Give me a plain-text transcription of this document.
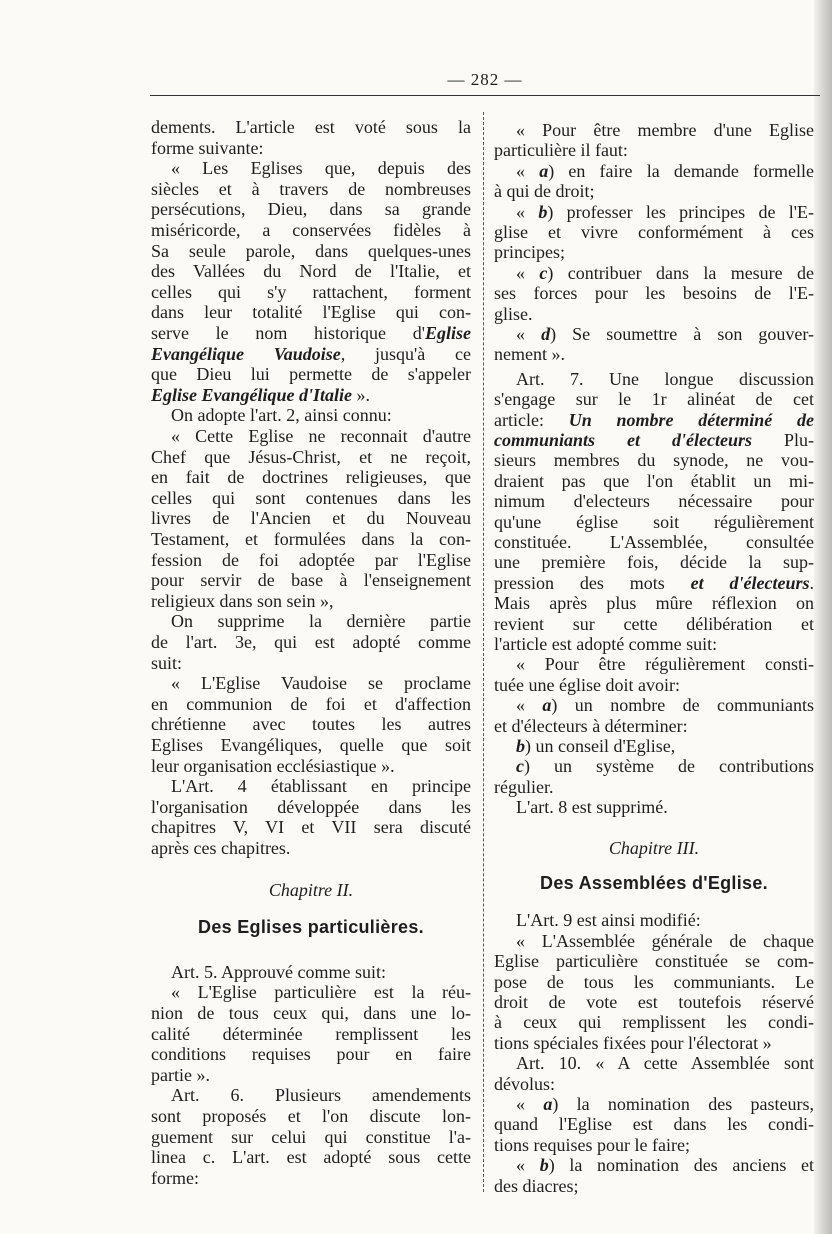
— 282 —
dements. L'article est voté sous la
forme suivante:
« Les Eglises que, depuis des
siècles et à travers de nombreuses
persécutions, Dieu, dans sa grande
miséricorde, a conservées fidèles à
Sa seule parole, dans quelques-unes
des Vallées du Nord de l'Italie, et
celles qui s'y rattachent, forment
dans leur totalité l'Eglise qui con-
serve le nom historique d'Eglise
Evangélique Vaudoise, jusqu'à ce
que Dieu lui permette de s'appeler
Eglise Evangélique d'Italie ».
On adopte l'art. 2, ainsi connu:
« Cette Eglise ne reconnait d'autre
Chef que Jésus-Christ, et ne reçoit,
en fait de doctrines religieuses, que
celles qui sont contenues dans les
livres de l'Ancien et du Nouveau
Testament, et formulées dans la con-
fession de foi adoptée par l'Eglise
pour servir de base à l'enseignement
religieux dans son sein »,
On supprime la dernière partie
de l'art. 3e, qui est adopté comme
suit:
« L'Eglise Vaudoise se proclame
en communion de foi et d'affection
chrétienne avec toutes les autres
Eglises Evangéliques, quelle que soit
leur organisation ecclésiastique ».
L'Art. 4 établissant en principe
l'organisation développée dans les
chapitres V, VI et VII sera discuté
après ces chapitres.
Chapitre II.
Des Eglises particulières.
Art. 5. Approuvé comme suit:
« L'Eglise particulière est la réu-
nion de tous ceux qui, dans une lo-
calité déterminée remplissent les
conditions requises pour en faire
partie ».
Art. 6. Plusieurs amendements
sont proposés et l'on discute lon-
guement sur celui qui constitue l'a-
linea c. L'art. est adopté sous cette
forme:
« Pour être membre d'une Eglise
particulière il faut:
« a) en faire la demande formelle
à qui de droit;
« b) professer les principes de l'E-
glise et vivre conformément à ces
principes;
« c) contribuer dans la mesure de
ses forces pour les besoins de l'E-
glise.
« d) Se soumettre à son gouver-
nement ».
Art. 7. Une longue discussion
s'engage sur le 1r alinéat de cet
article: Un nombre déterminé de
communiants et d'électeurs Plu-
sieurs membres du synode, ne vou-
draient pas que l'on établit un mi-
nimum d'electeurs nécessaire pour
qu'une église soit régulièrement
constituée. L'Assemblée, consultée
une première fois, décide la sup-
pression des mots et d'électeurs.
Mais après plus mûre réflexion on
revient sur cette délibération et
l'article est adopté comme suit:
« Pour être régulièrement consti-
tuée une église doit avoir:
« a) un nombre de communiants
et d'électeurs à déterminer:
b) un conseil d'Eglise,
c) un système de contributions
régulier.
L'art. 8 est supprimé.
Chapitre III.
Des Assemblées d'Eglise.
L'Art. 9 est ainsi modifié:
« L'Assemblée générale de chaque
Eglise particulière constituée se com-
pose de tous les communiants. Le
droit de vote est toutefois réservé
à ceux qui remplissent les condi-
tions spéciales fixées pour l'électorat »
Art. 10. « A cette Assemblée sont
dévolus:
« a) la nomination des pasteurs,
quand l'Eglise est dans les condi-
tions requises pour le faire;
« b) la nomination des anciens et
des diacres;
